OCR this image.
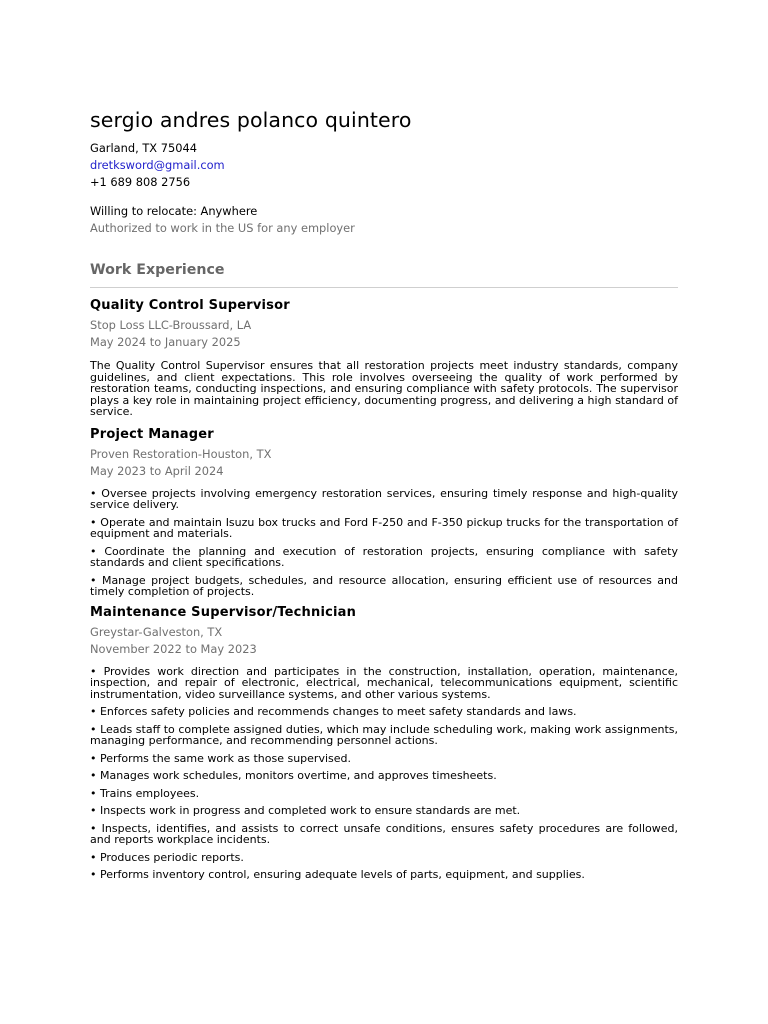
sergio andres polanco quintero
Garland, TX 75044
dretksword@gmail.com
+1 689 808 2756
Willing to relocate: Anywhere
Authorized to work in the US for any employer
Work Experience
Quality Control Supervisor
Stop Loss LLC-Broussard, LA
May 2024 to January 2025

The Quality Control Supervisor ensures that all restoration projects meet industry standards, company guidelines, and client expectations. This role involves overseeing the quality of work performed by restoration teams, conducting inspections, and ensuring compliance with safety protocols. The supervisor plays a key role in maintaining project efficiency, documenting progress, and delivering a high standard of service.

Project Manager
Proven Restoration-Houston, TX
May 2023 to April 2024

• Oversee projects involving emergency restoration services, ensuring timely response and high-quality service delivery.

• Operate and maintain Isuzu box trucks and Ford F-250 and F-350 pickup trucks for the transportation of equipment and materials.

• Coordinate the planning and execution of restoration projects, ensuring compliance with safety standards and client specifications.

• Manage project budgets, schedules, and resource allocation, ensuring efficient use of resources and timely completion of projects.

Maintenance Supervisor/Technician
Greystar-Galveston, TX
November 2022 to May 2023

• Provides work direction and participates in the construction, installation, operation, maintenance, inspection, and repair of electronic, electrical, mechanical, telecommunications equipment, scientific instrumentation, video surveillance systems, and other various systems.

• Enforces safety policies and recommends changes to meet safety standards and laws.

• Leads staff to complete assigned duties, which may include scheduling work, making work assignments, managing performance, and recommending personnel actions.

• Performs the same work as those supervised.

• Manages work schedules, monitors overtime, and approves timesheets.

• Trains employees.

• Inspects work in progress and completed work to ensure standards are met.

• Inspects, identifies, and assists to correct unsafe conditions, ensures safety procedures are followed, and reports workplace incidents.

• Produces periodic reports.

• Performs inventory control, ensuring adequate levels of parts, equipment, and supplies.
